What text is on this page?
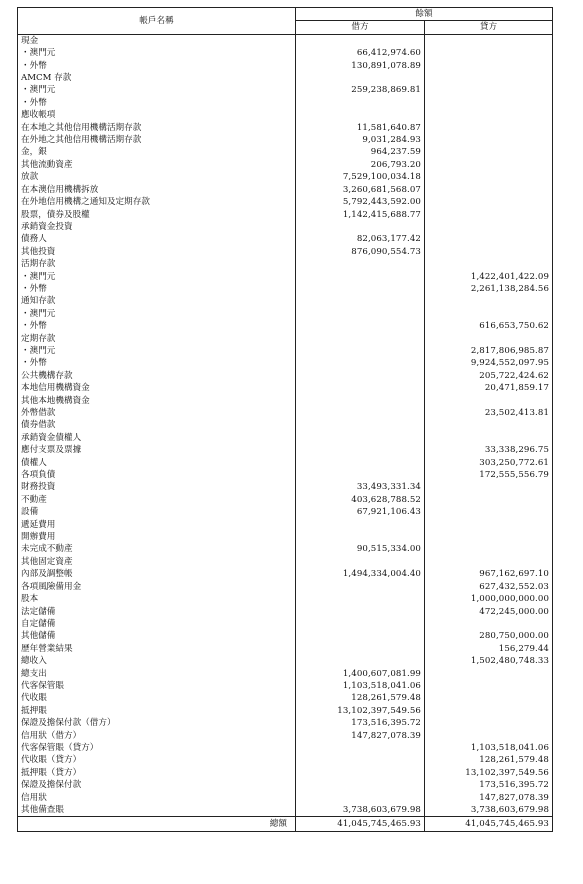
帳戶名稱	餘額	
	借方	貸方
現金		
・澳門元	66,412,974.60	
・外幣	130,891,078.89	
AMCM 存款		
・澳門元	259,238,869.81	
・外幣		
應收帳項		
在本地之其他信用機構活期存款	11,581,640.87	
在外地之其他信用機構活期存款	9,031,284.93	
金，銀	964,237.59	
其他流動資產	206,793.20	
放款	7,529,100,034.18	
在本澳信用機構拆放	3,260,681,568.07	
在外地信用機構之通知及定期存款	5,792,443,592.00	
股票，債券及股權	1,142,415,688.77	
承銷資金投資		
債務人	82,063,177.42	
其他投資	876,090,554.73	
活期存款		
・澳門元		1,422,401,422.09
・外幣		2,261,138,284.56
通知存款		
・澳門元		
・外幣		616,653,750.62
定期存款		
・澳門元		2,817,806,985.87
・外幣		9,924,552,097.95
公共機構存款		205,722,424.62
本地信用機構資金		20,471,859.17
其他本地機構資金		
外幣借款		23,502,413.81
債券借款		
承銷資金債權人		
應付支票及票據		33,338,296.75
債權人		303,250,772.61
各項負債		172,555,556.79
財務投資	33,493,331.34	
不動產	403,628,788.52	
設備	67,921,106.43	
遞延費用		
開辦費用		
未完成不動產	90,515,334.00	
其他固定資產		
內部及調整帳	1,494,334,004.40	967,162,697.10
各項風險備用金		627,432,552.03
股本		1,000,000,000.00
法定儲備		472,245,000.00
自定儲備		
其他儲備		280,750,000.00
歷年營業結果		156,279.44
總收入		1,502,480,748.33
總支出	1,400,607,081.99	
代客保管賬	1,103,518,041.06	
代收賬	128,261,579.48	
抵押賬	13,102,397,549.56	
保證及擔保付款（借方）	173,516,395.72	
信用狀（借方）	147,827,078.39	
代客保管賬（貸方）		1,103,518,041.06
代收賬（貸方）		128,261,579.48
抵押賬（貸方）		13,102,397,549.56
保證及擔保付款		173,516,395.72
信用狀		147,827,078.39
其他備查賬	3,738,603,679.98	3,738,603,679.98
總額	41,045,745,465.93	41,045,745,465.93
